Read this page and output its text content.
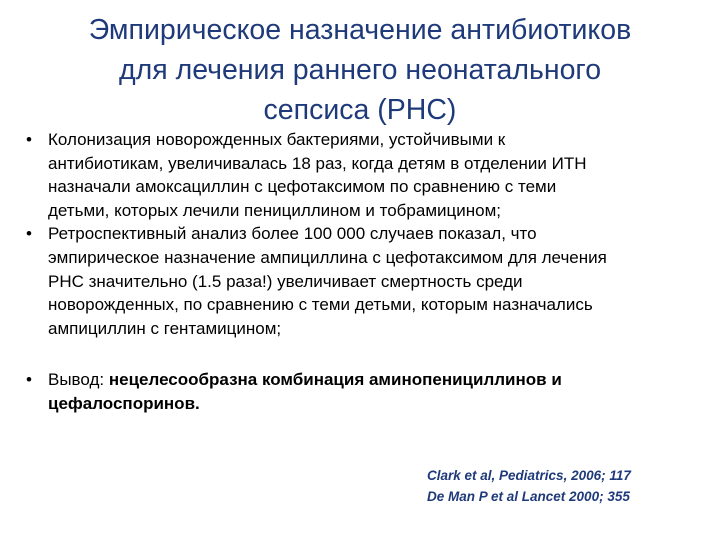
Эмпирическое назначение антибиотиков
для лечения раннего неонатального
сепсиса (РНС)
• Колонизация новорожденных бактериями, устойчивыми к
антибиотикам, увеличивалась 18 раз, когда детям в отделении ИТН
назначали амоксациллин с цефотаксимом по сравнению с теми
детьми, которых лечили пенициллином и тобрамицином;
• Ретроспективный анализ более 100 000 случаев показал, что
эмпирическое назначение ампициллина с цефотаксимом для лечения
РНС значительно (1.5 раза!) увеличивает смертность среди
новорожденных, по сравнению с теми детьми, которым назначались
ампициллин с гентамицином;
• Вывод: нецелесообразна комбинация аминопенициллинов и
цефалоспоринов.
Clark et al, Pediatrics, 2006; 117
De Man P et al Lancet 2000; 355
